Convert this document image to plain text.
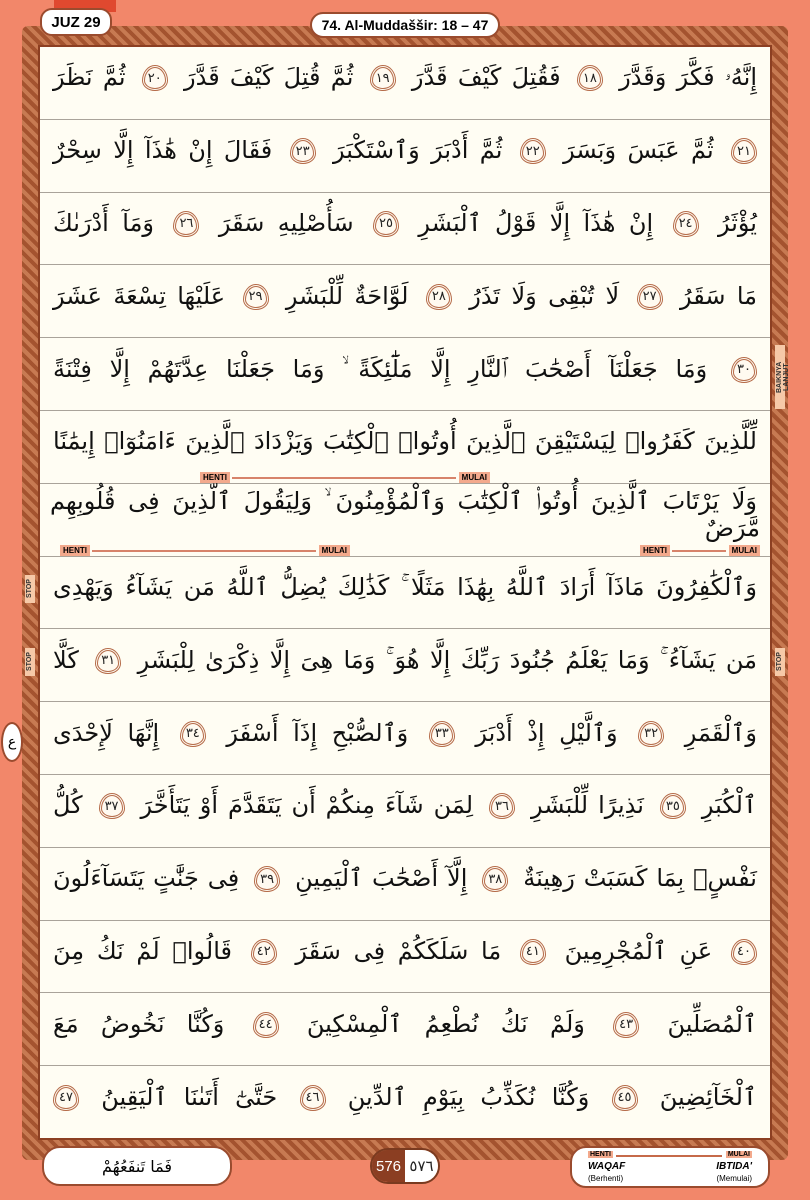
JUZ 29	74. Al-Muddaššir: 18 – 47
إِنَّهُۥ فَكَّرَ وَقَدَّرَ ١٨ فَقُتِلَ كَيْفَ قَدَّرَ ١٩ ثُمَّ قُتِلَ كَيْفَ قَدَّرَ ٢٠ ثُمَّ نَظَرَ
٢١ ثُمَّ عَبَسَ وَبَسَرَ ٢٢ ثُمَّ أَدْبَرَ وَٱسْتَكْبَرَ ٢٣ فَقَالَ إِنْ هَٰذَآ إِلَّا سِحْرٌ
يُؤْثَرُ ٢٤ إِنْ هَٰذَآ إِلَّا قَوْلُ ٱلْبَشَرِ ٢٥ سَأُصْلِيهِ سَقَرَ ٢٦ وَمَآ أَدْرَىٰكَ
مَا سَقَرُ ٢٧ لَا تُبْقِى وَلَا تَذَرُ ٢٨ لَوَّاحَةٌ لِّلْبَشَرِ ٢٩ عَلَيْهَا تِسْعَةَ عَشَرَ
٣٠ وَمَا جَعَلْنَآ أَصْحَٰبَ ٱلنَّارِ إِلَّا مَلَٰٓئِكَةً ۙ وَمَا جَعَلْنَا عِدَّتَهُمْ إِلَّا فِتْنَةً
لِّلَّذِينَ كَفَرُوا۟ لِيَسْتَيْقِنَ ٱلَّذِينَ أُوتُوا۟ ٱلْكِتَٰبَ وَيَزْدَادَ ٱلَّذِينَ ءَامَنُوٓا۟ إِيمَٰنًا
وَلَا يَرْتَابَ ٱلَّذِينَ أُوتُوا۟ ٱلْكِتَٰبَ وَٱلْمُؤْمِنُونَ ۙ وَلِيَقُولَ ٱلَّذِينَ فِى قُلُوبِهِم مَّرَضٌ
وَٱلْكَٰفِرُونَ مَاذَآ أَرَادَ ٱللَّهُ بِهَٰذَا مَثَلًا ۚ كَذَٰلِكَ يُضِلُّ ٱللَّهُ مَن يَشَآءُ وَيَهْدِى
مَن يَشَآءُ ۚ وَمَا يَعْلَمُ جُنُودَ رَبِّكَ إِلَّا هُوَ ۚ وَمَا هِىَ إِلَّا ذِكْرَىٰ لِلْبَشَرِ ٣١ كَلَّا
وَٱلْقَمَرِ ٣٢ وَٱلَّيْلِ إِذْ أَدْبَرَ ٣٣ وَٱلصُّبْحِ إِذَآ أَسْفَرَ ٣٤ إِنَّهَا لَإِحْدَى
ٱلْكُبَرِ ٣٥ نَذِيرًا لِّلْبَشَرِ ٣٦ لِمَن شَآءَ مِنكُمْ أَن يَتَقَدَّمَ أَوْ يَتَأَخَّرَ ٣٧ كُلُّ
نَفْسٍۭ بِمَا كَسَبَتْ رَهِينَةٌ ٣٨ إِلَّآ أَصْحَٰبَ ٱلْيَمِينِ ٣٩ فِى جَنَّٰتٍ يَتَسَآءَلُونَ
٤٠ عَنِ ٱلْمُجْرِمِينَ ٤١ مَا سَلَكَكُمْ فِى سَقَرَ ٤٢ قَالُوا۟ لَمْ نَكُ مِنَ
ٱلْمُصَلِّينَ ٤٣ وَلَمْ نَكُ نُطْعِمُ ٱلْمِسْكِينَ ٤٤ وَكُنَّا نَخُوضُ مَعَ
ٱلْخَآئِضِينَ ٤٥ وَكُنَّا نُكَذِّبُ بِيَوْمِ ٱلدِّينِ ٤٦ حَتَّىٰٓ أَتَىٰنَا ٱلْيَقِينُ ٤٧
ع
BAIKNYA LANJUT
STOP
STOP
STOP
HENTI	MULAI
HENTI	MULAI	HENTI	MULAI
فَمَا تَنفَعُهُمْ	576 ٥٧٦
HENTI	MULAI
WAQAF
(Berhenti)
IBTIDA'
(Memulai)
